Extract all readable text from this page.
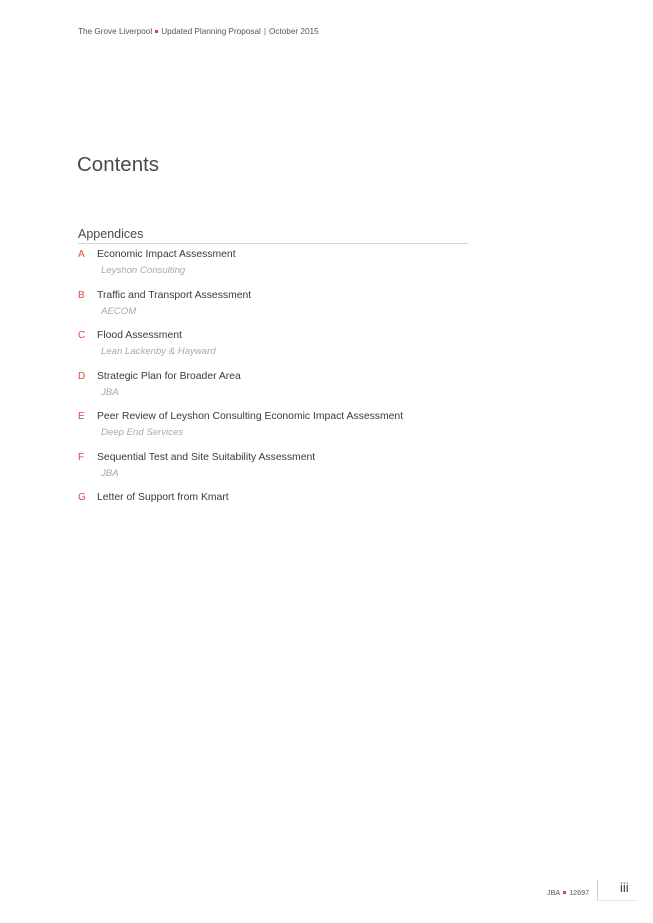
The Grove Liverpool Updated Planning Proposal | October 2015
Contents
Appendices
A Economic Impact Assessment
Leyshon Consulting
B Traffic and Transport Assessment
AECOM
C Flood Assessment
Lean Lackenby & Hayward
D Strategic Plan for Broader Area
JBA
E Peer Review of Leyshon Consulting Economic Impact Assessment
Deep End Services
F Sequential Test and Site Suitability Assessment
JBA
G Letter of Support from Kmart
JBA 12697 iii
